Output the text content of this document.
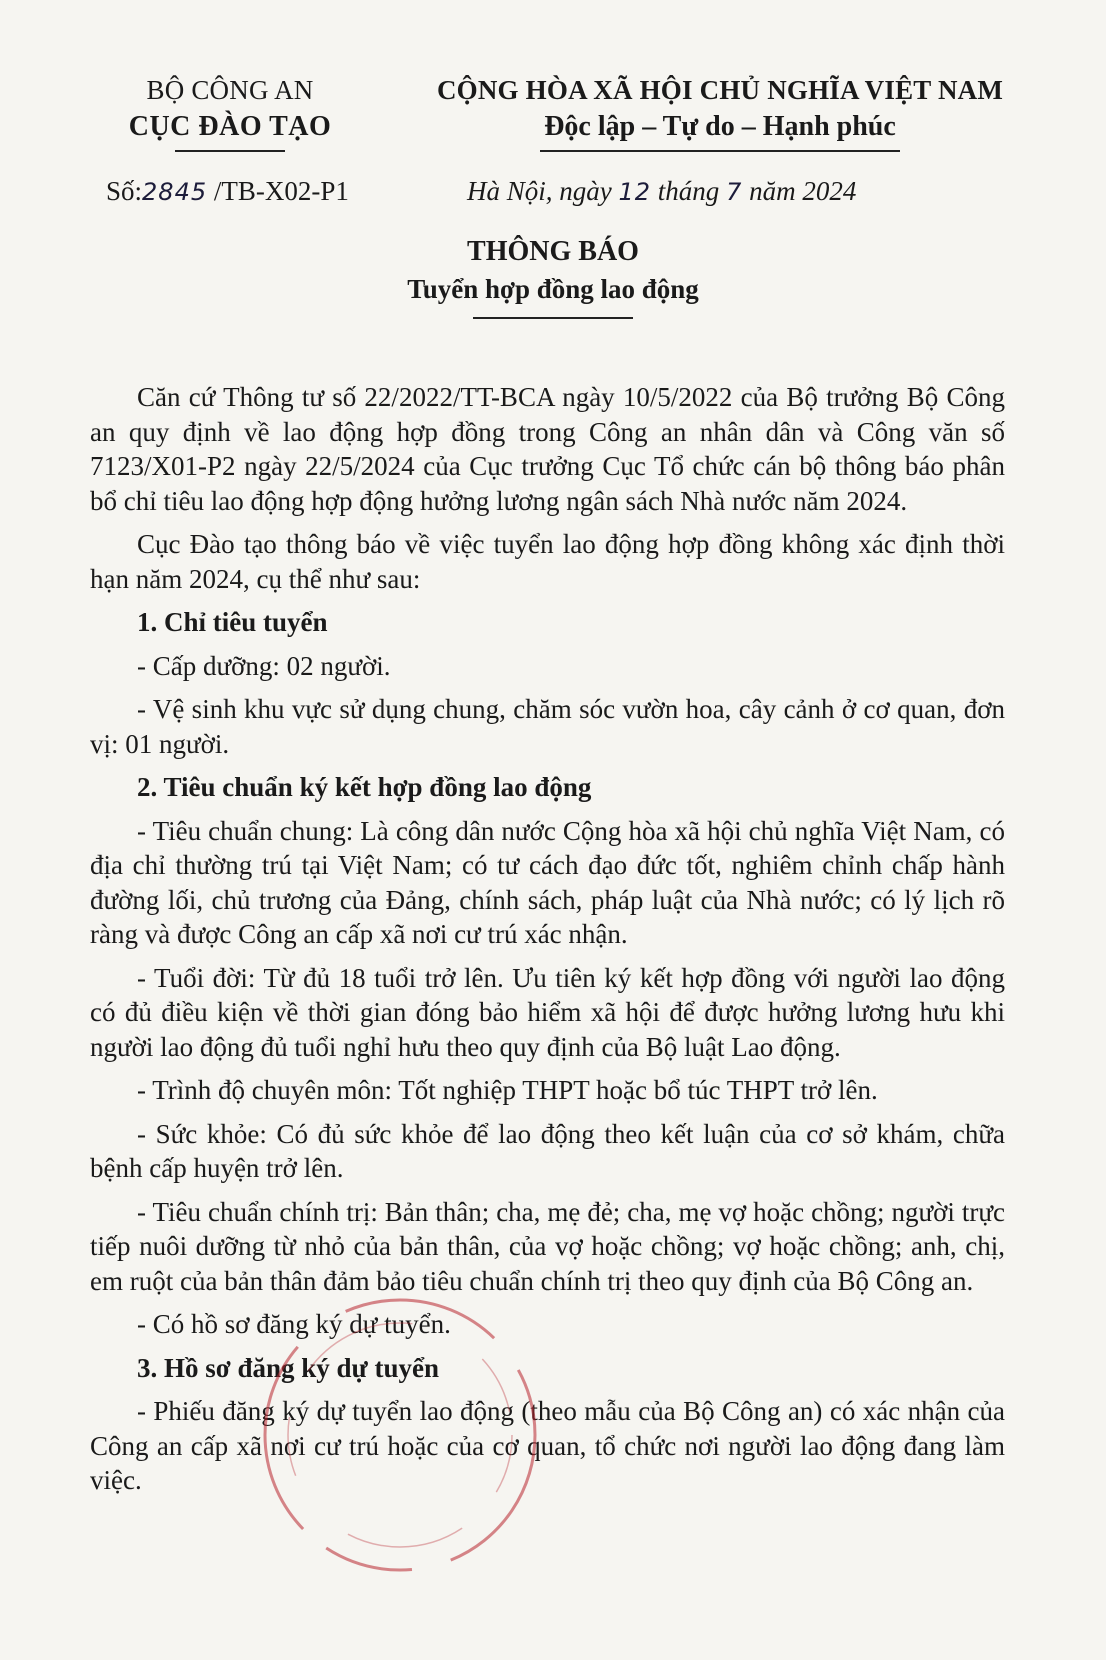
BỘ CÔNG AN
CỤC ĐÀO TẠO
CỘNG HÒA XÃ HỘI CHỦ NGHĨA VIỆT NAM
Độc lập – Tự do – Hạnh phúc
Số:2845 /TB-X02-P1	Hà Nội, ngày 12 tháng 7 năm 2024
THÔNG BÁO
Tuyển hợp đồng lao động

Căn cứ Thông tư số 22/2022/TT-BCA ngày 10/5/2022 của Bộ trưởng Bộ Công an quy định về lao động hợp đồng trong Công an nhân dân và Công văn số 7123/X01-P2 ngày 22/5/2024 của Cục trưởng Cục Tổ chức cán bộ thông báo phân bổ chỉ tiêu lao động hợp động hưởng lương ngân sách Nhà nước năm 2024.

Cục Đào tạo thông báo về việc tuyển lao động hợp đồng không xác định thời hạn năm 2024, cụ thể như sau:

1. Chỉ tiêu tuyển

- Cấp dưỡng: 02 người.

- Vệ sinh khu vực sử dụng chung, chăm sóc vườn hoa, cây cảnh ở cơ quan, đơn vị: 01 người.

2. Tiêu chuẩn ký kết hợp đồng lao động

- Tiêu chuẩn chung: Là công dân nước Cộng hòa xã hội chủ nghĩa Việt Nam, có địa chỉ thường trú tại Việt Nam; có tư cách đạo đức tốt, nghiêm chỉnh chấp hành đường lối, chủ trương của Đảng, chính sách, pháp luật của Nhà nước; có lý lịch rõ ràng và được Công an cấp xã nơi cư trú xác nhận.

- Tuổi đời: Từ đủ 18 tuổi trở lên. Ưu tiên ký kết hợp đồng với người lao động có đủ điều kiện về thời gian đóng bảo hiểm xã hội để được hưởng lương hưu khi người lao động đủ tuổi nghỉ hưu theo quy định của Bộ luật Lao động.

- Trình độ chuyên môn: Tốt nghiệp THPT hoặc bổ túc THPT trở lên.

- Sức khỏe: Có đủ sức khỏe để lao động theo kết luận của cơ sở khám, chữa bệnh cấp huyện trở lên.

- Tiêu chuẩn chính trị: Bản thân; cha, mẹ đẻ; cha, mẹ vợ hoặc chồng; người trực tiếp nuôi dưỡng từ nhỏ của bản thân, của vợ hoặc chồng; vợ hoặc chồng; anh, chị, em ruột của bản thân đảm bảo tiêu chuẩn chính trị theo quy định của Bộ Công an.

- Có hồ sơ đăng ký dự tuyển.

3. Hồ sơ đăng ký dự tuyển

- Phiếu đăng ký dự tuyển lao động (theo mẫu của Bộ Công an) có xác nhận của Công an cấp xã nơi cư trú hoặc của cơ quan, tổ chức nơi người lao động đang làm việc.
